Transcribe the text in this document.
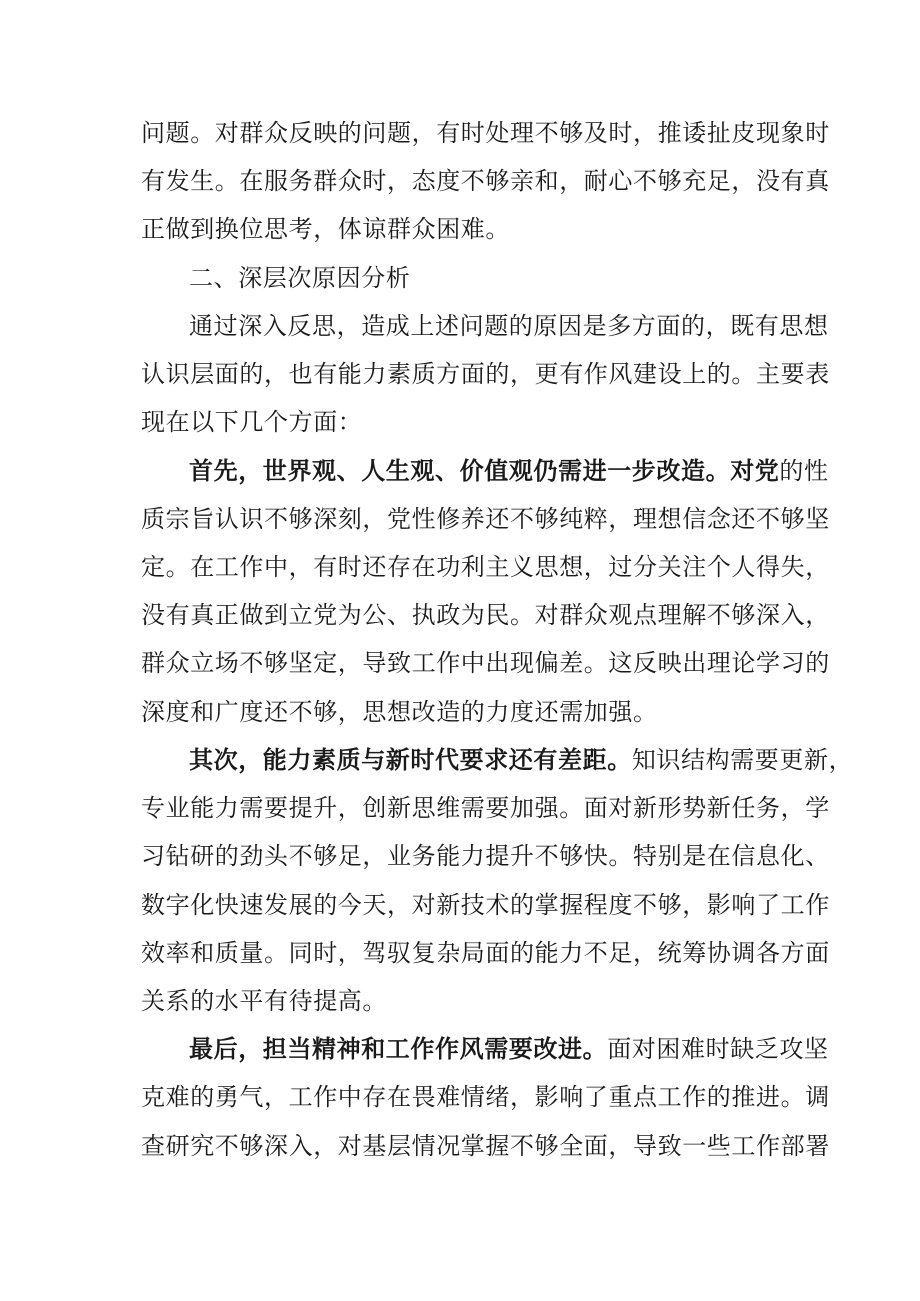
问题。对群众反映的问题，有时处理不够及时，推诿扯皮现象时
有发生。在服务群众时，态度不够亲和，耐心不够充足，没有真
正做到换位思考，体谅群众困难。
二、深层次原因分析
通过深入反思，造成上述问题的原因是多方面的，既有思想
认识层面的，也有能力素质方面的，更有作风建设上的。主要表
现在以下几个方面：
首先，世界观、人生观、价值观仍需进一步改造。对党的性
质宗旨认识不够深刻，党性修养还不够纯粹，理想信念还不够坚
定。在工作中，有时还存在功利主义思想，过分关注个人得失，
没有真正做到立党为公、执政为民。对群众观点理解不够深入，
群众立场不够坚定，导致工作中出现偏差。这反映出理论学习的
深度和广度还不够，思想改造的力度还需加强。
其次，能力素质与新时代要求还有差距。知识结构需要更新，
专业能力需要提升，创新思维需要加强。面对新形势新任务，学
习钻研的劲头不够足，业务能力提升不够快。特别是在信息化、
数字化快速发展的今天，对新技术的掌握程度不够，影响了工作
效率和质量。同时，驾驭复杂局面的能力不足，统筹协调各方面
关系的水平有待提高。
最后，担当精神和工作作风需要改进。面对困难时缺乏攻坚
克难的勇气，工作中存在畏难情绪，影响了重点工作的推进。调
查研究不够深入，对基层情况掌握不够全面，导致一些工作部署
